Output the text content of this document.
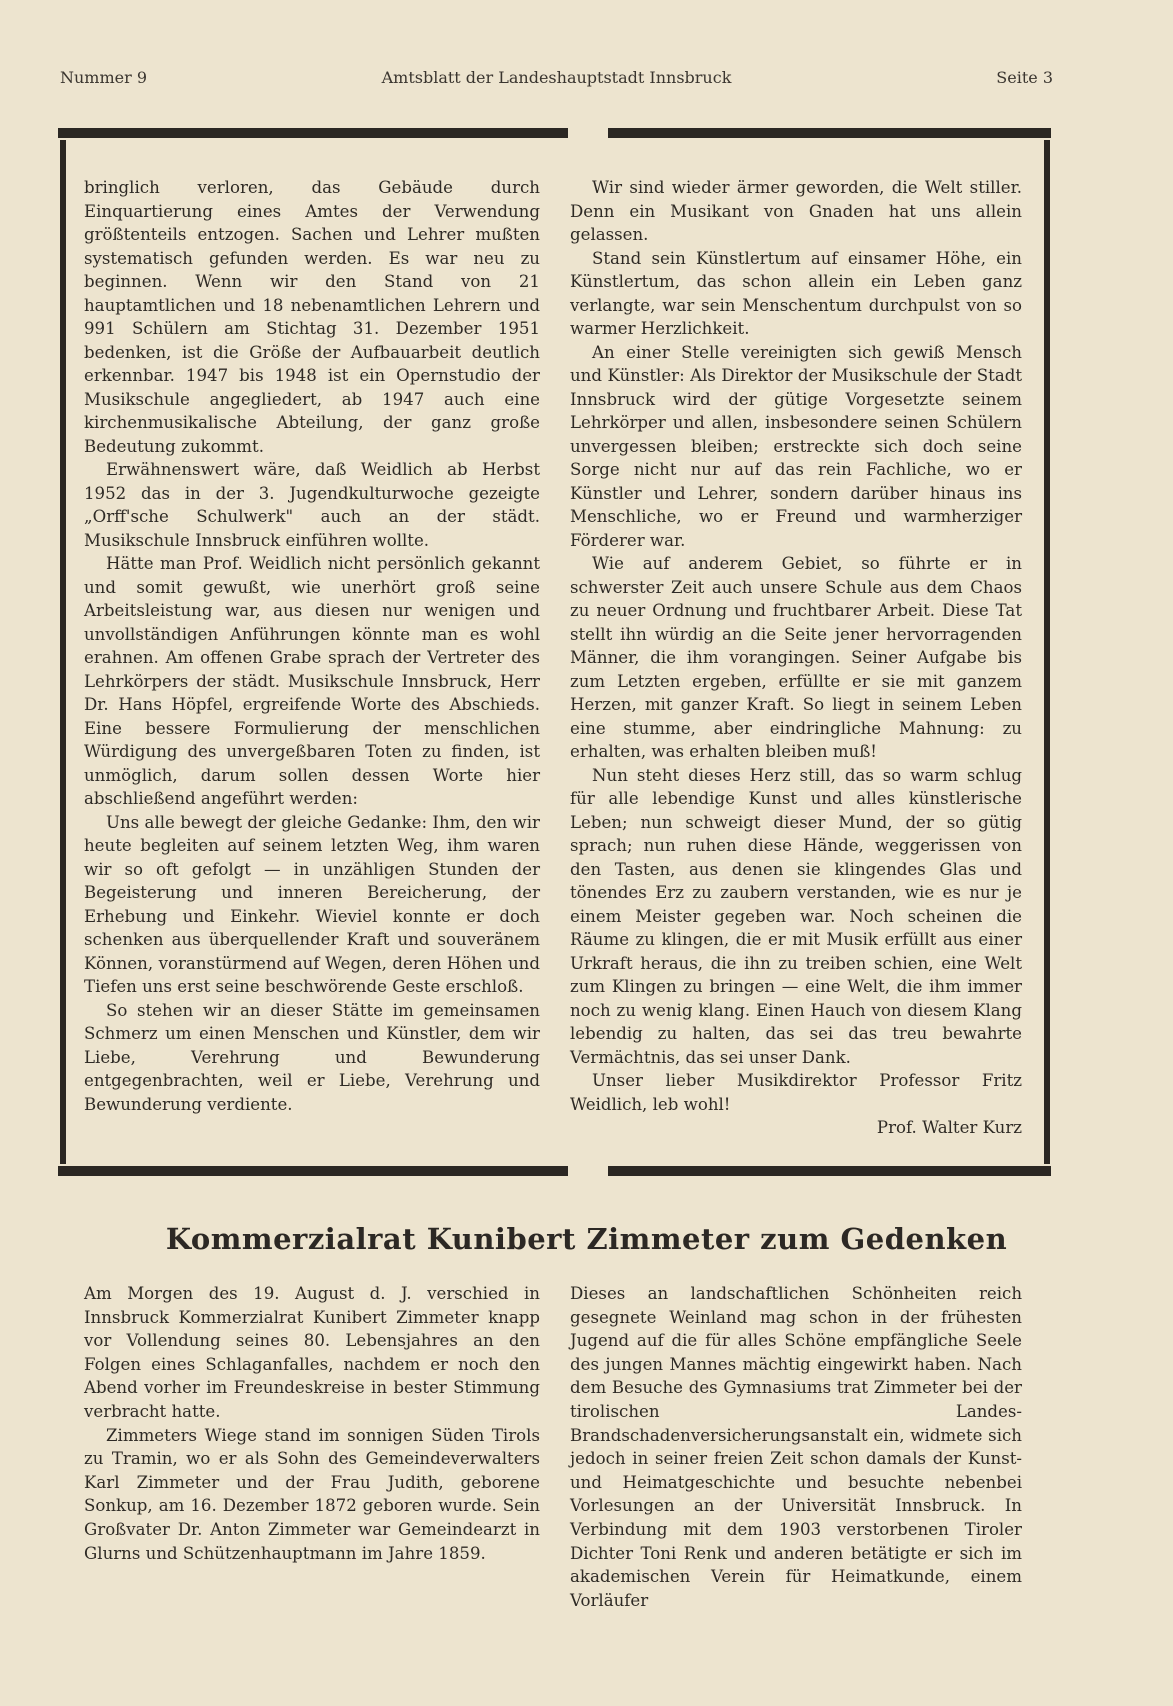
Nummer 9	Amtsblatt der Landeshauptstadt Innsbruck	Seite 3

bringlich verloren, das Gebäude durch Einquartierung eines Amtes der Verwendung größtenteils entzogen. Sachen und Lehrer mußten systematisch gefunden werden. Es war neu zu beginnen. Wenn wir den Stand von 21 hauptamtlichen und 18 nebenamtlichen Lehrern und 991 Schülern am Stichtag 31. Dezember 1951 bedenken, ist die Größe der Aufbauarbeit deutlich erkennbar. 1947 bis 1948 ist ein Opernstudio der Musikschule angegliedert, ab 1947 auch eine kirchenmusikalische Abteilung, der ganz große Bedeutung zukommt.

Erwähnenswert wäre, daß Weidlich ab Herbst 1952 das in der 3. Jugendkulturwoche gezeigte „Orff'sche Schulwerk" auch an der städt. Musikschule Innsbruck einführen wollte.

Hätte man Prof. Weidlich nicht persönlich gekannt und somit gewußt, wie unerhört groß seine Arbeitsleistung war, aus diesen nur wenigen und unvollständigen Anführungen könnte man es wohl erahnen. Am offenen Grabe sprach der Vertreter des Lehrkörpers der städt. Musikschule Innsbruck, Herr Dr. Hans Höpfel, ergreifende Worte des Abschieds. Eine bessere Formulierung der menschlichen Würdigung des unvergeßbaren Toten zu finden, ist unmöglich, darum sollen dessen Worte hier abschließend angeführt werden:

Uns alle bewegt der gleiche Gedanke: Ihm, den wir heute begleiten auf seinem letzten Weg, ihm waren wir so oft gefolgt — in unzähligen Stunden der Begeisterung und inneren Bereicherung, der Erhebung und Einkehr. Wieviel konnte er doch schenken aus überquellender Kraft und souveränem Können, voranstürmend auf Wegen, deren Höhen und Tiefen uns erst seine beschwörende Geste erschloß.

So stehen wir an dieser Stätte im gemeinsamen Schmerz um einen Menschen und Künstler, dem wir Liebe, Verehrung und Bewunderung entgegenbrachten, weil er Liebe, Verehrung und Bewunderung verdiente.

Wir sind wieder ärmer geworden, die Welt stiller. Denn ein Musikant von Gnaden hat uns allein gelassen.

Stand sein Künstlertum auf einsamer Höhe, ein Künstlertum, das schon allein ein Leben ganz verlangte, war sein Menschentum durchpulst von so warmer Herzlichkeit.

An einer Stelle vereinigten sich gewiß Mensch und Künstler: Als Direktor der Musikschule der Stadt Innsbruck wird der gütige Vorgesetzte seinem Lehrkörper und allen, insbesondere seinen Schülern unvergessen bleiben; erstreckte sich doch seine Sorge nicht nur auf das rein Fachliche, wo er Künstler und Lehrer, sondern darüber hinaus ins Menschliche, wo er Freund und warmherziger Förderer war.

Wie auf anderem Gebiet, so führte er in schwerster Zeit auch unsere Schule aus dem Chaos zu neuer Ordnung und fruchtbarer Arbeit. Diese Tat stellt ihn würdig an die Seite jener hervorragenden Männer, die ihm vorangingen. Seiner Aufgabe bis zum Letzten ergeben, erfüllte er sie mit ganzem Herzen, mit ganzer Kraft. So liegt in seinem Leben eine stumme, aber eindringliche Mahnung: zu erhalten, was erhalten bleiben muß!

Nun steht dieses Herz still, das so warm schlug für alle lebendige Kunst und alles künstlerische Leben; nun schweigt dieser Mund, der so gütig sprach; nun ruhen diese Hände, weggerissen von den Tasten, aus denen sie klingendes Glas und tönendes Erz zu zaubern verstanden, wie es nur je einem Meister gegeben war. Noch scheinen die Räume zu klingen, die er mit Musik erfüllt aus einer Urkraft heraus, die ihn zu treiben schien, eine Welt zum Klingen zu bringen — eine Welt, die ihm immer noch zu wenig klang. Einen Hauch von diesem Klang lebendig zu halten, das sei das treu bewahrte Vermächtnis, das sei unser Dank.

Unser lieber Musikdirektor Professor Fritz Weidlich, leb wohl!

Prof. Walter Kurz

Kommerzialrat Kunibert Zimmeter zum Gedenken

Am Morgen des 19. August d. J. verschied in Innsbruck Kommerzialrat Kunibert Zimmeter knapp vor Vollendung seines 80. Lebensjahres an den Folgen eines Schlaganfalles, nachdem er noch den Abend vorher im Freundeskreise in bester Stimmung verbracht hatte.

Zimmeters Wiege stand im sonnigen Süden Tirols zu Tramin, wo er als Sohn des Gemeindeverwalters Karl Zimmeter und der Frau Judith, geborene Sonkup, am 16. Dezember 1872 geboren wurde. Sein Großvater Dr. Anton Zimmeter war Gemeindearzt in Glurns und Schützenhauptmann im Jahre 1859.

Dieses an landschaftlichen Schönheiten reich gesegnete Weinland mag schon in der frühesten Jugend auf die für alles Schöne empfängliche Seele des jungen Mannes mächtig eingewirkt haben. Nach dem Besuche des Gymnasiums trat Zimmeter bei der tirolischen Landes-Brandschadenversicherungsanstalt ein, widmete sich jedoch in seiner freien Zeit schon damals der Kunst- und Heimatgeschichte und besuchte nebenbei Vorlesungen an der Universität Innsbruck. In Verbindung mit dem 1903 verstorbenen Tiroler Dichter Toni Renk und anderen betätigte er sich im akademischen Verein für Heimatkunde, einem Vorläufer
